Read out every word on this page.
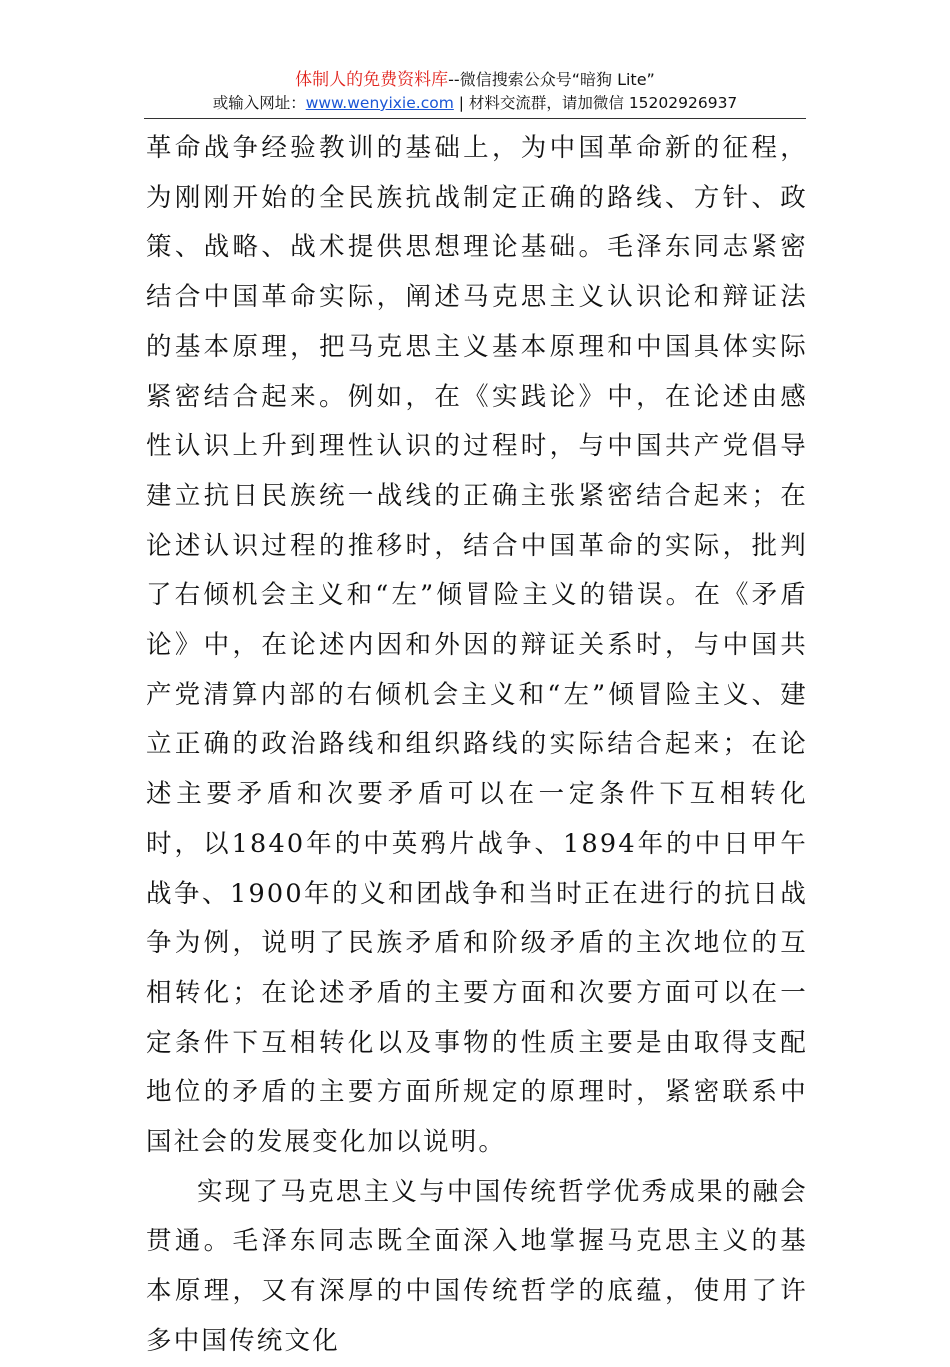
体制人的免费资料库--微信搜索公众号“暗狗 Lite”
或输入网址：www.wenyixie.com | 材料交流群，请加微信 15202926937

革命战争经验教训的基础上，为中国革命新的征程，为刚刚开始的全民族抗战制定正确的路线、方针、政策、战略、战术提供思想理论基础。毛泽东同志紧密结合中国革命实际，阐述马克思主义认识论和辩证法的基本原理，把马克思主义基本原理和中国具体实际紧密结合起来。例如，在《实践论》中，在论述由感性认识上升到理性认识的过程时，与中国共产党倡导建立抗日民族统一战线的正确主张紧密结合起来；在论述认识过程的推移时，结合中国革命的实际，批判了右倾机会主义和“左”倾冒险主义的错误。在《矛盾论》中，在论述内因和外因的辩证关系时，与中国共产党清算内部的右倾机会主义和“左”倾冒险主义、建立正确的政治路线和组织路线的实际结合起来；在论述主要矛盾和次要矛盾可以在一定条件下互相转化时，以1840年的中英鸦片战争、1894年的中日甲午战争、1900年的义和团战争和当时正在进行的抗日战争为例，说明了民族矛盾和阶级矛盾的主次地位的互相转化；在论述矛盾的主要方面和次要方面可以在一定条件下互相转化以及事物的性质主要是由取得支配地位的矛盾的主要方面所规定的原理时，紧密联系中国社会的发展变化加以说明。

实现了马克思主义与中国传统哲学优秀成果的融会贯通。毛泽东同志既全面深入地掌握马克思主义的基本原理，又有深厚的中国传统哲学的底蕴，使用了许多中国传统文化
